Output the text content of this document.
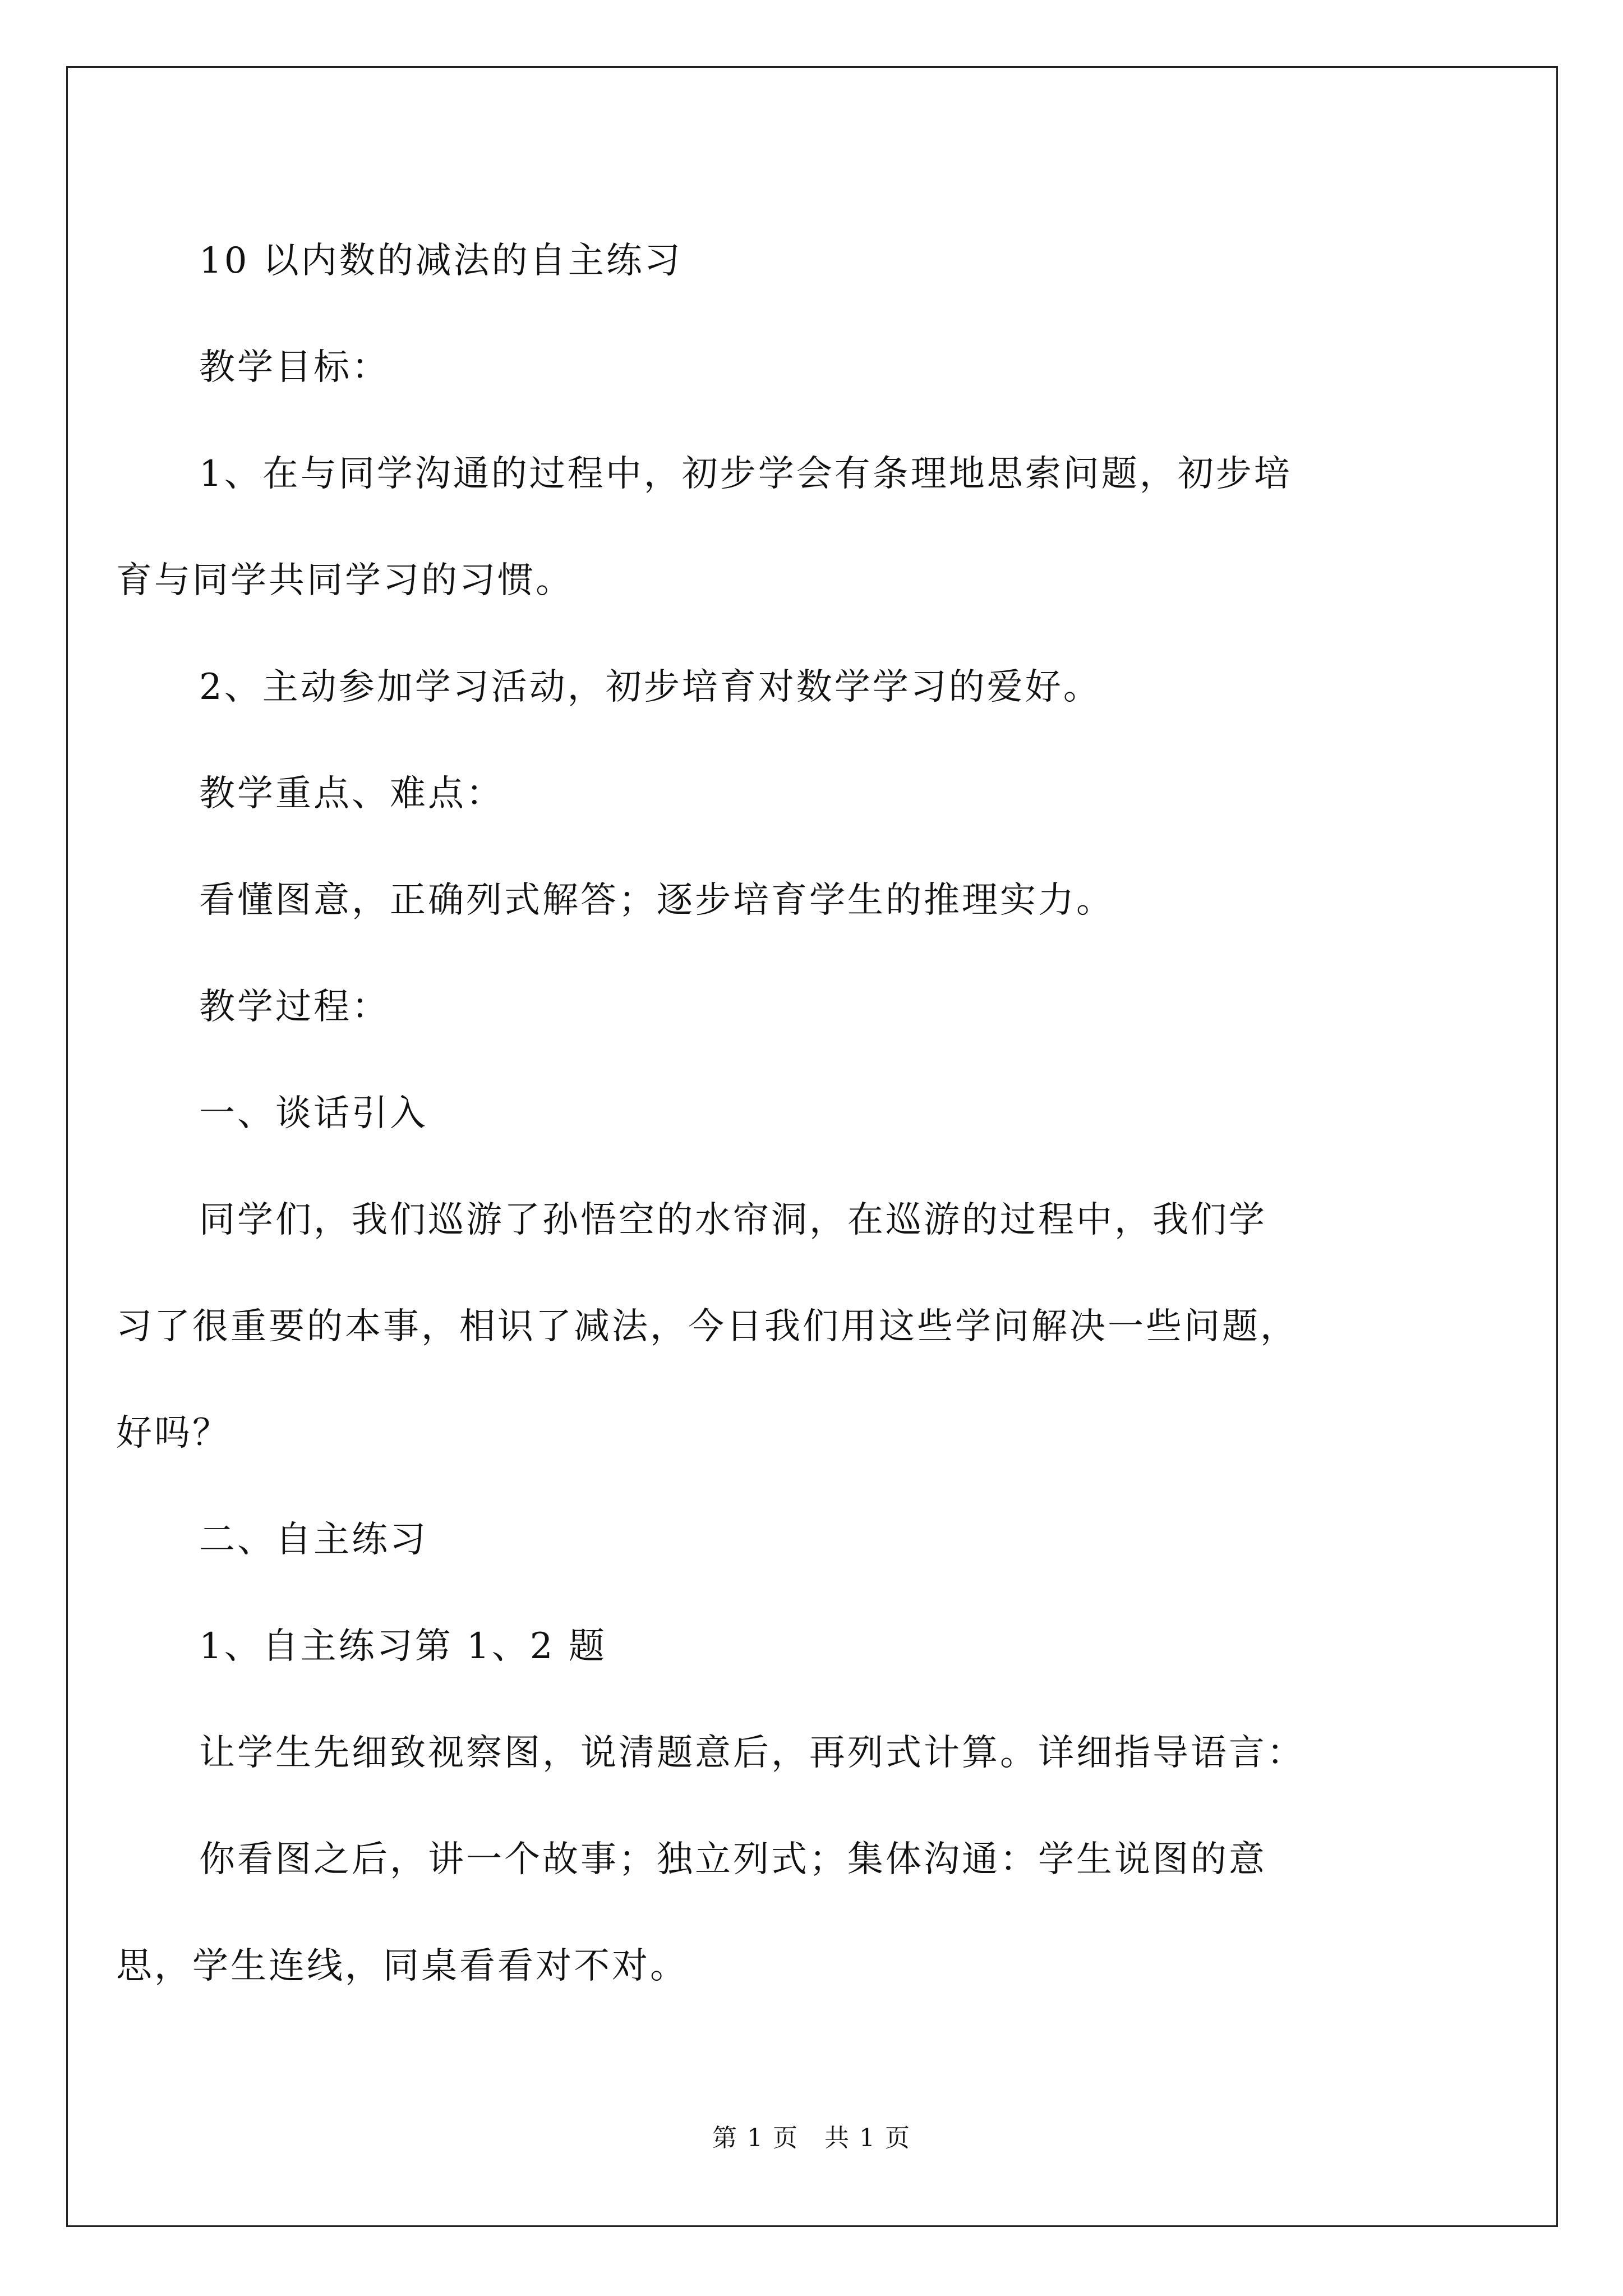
10 以内数的减法的自主练习

教学目标：

1、在与同学沟通的过程中，初步学会有条理地思索问题，初步培
育与同学共同学习的习惯。

2、主动参加学习活动，初步培育对数学学习的爱好。

教学重点、难点：

看懂图意，正确列式解答；逐步培育学生的推理实力。

教学过程：

一、谈话引入

同学们，我们巡游了孙悟空的水帘洞，在巡游的过程中，我们学
习了很重要的本事，相识了减法，今日我们用这些学问解决一些问题，
好吗？

二、自主练习

1、自主练习第 1、2 题

让学生先细致视察图，说清题意后，再列式计算。详细指导语言：

你看图之后，讲一个故事；独立列式；集体沟通：学生说图的意
思，学生连线，同桌看看对不对。

第 1 页　共 1 页
